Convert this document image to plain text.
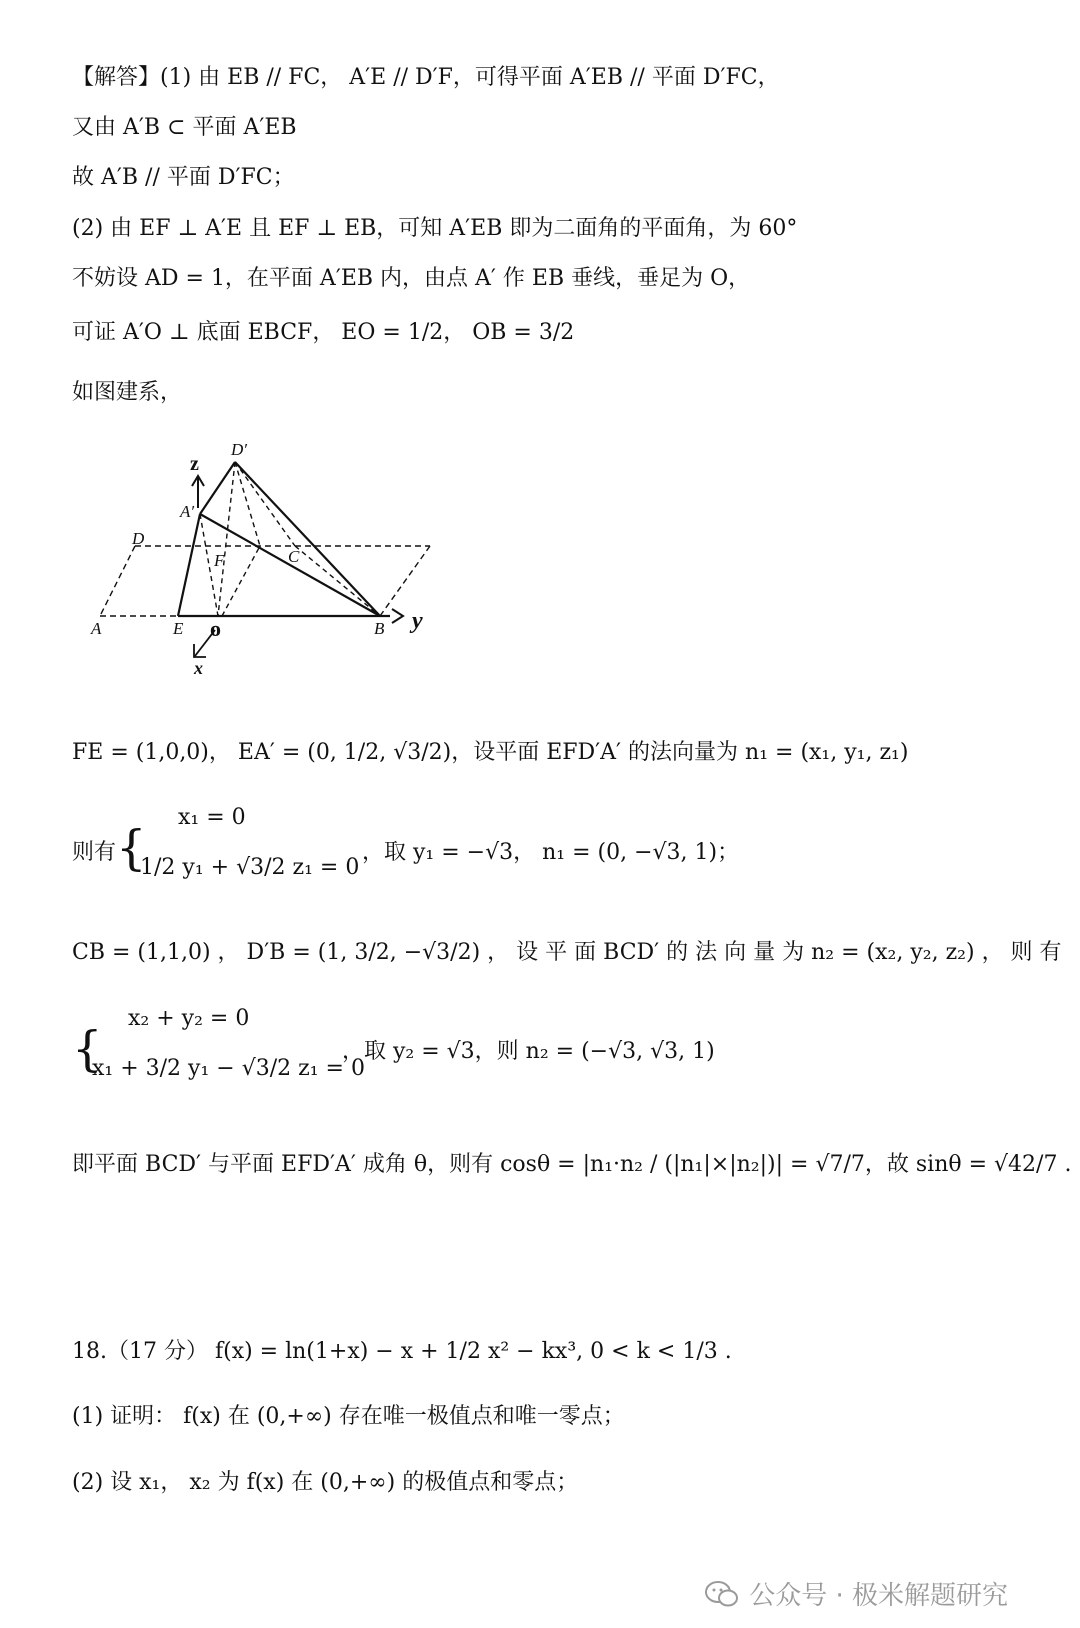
【解答】(1) 由 EB // FC， A′E // D′F，可得平面 A′EB // 平面 D′FC，
又由 A′B ⊂ 平面 A′EB
故 A′B // 平面 D′FC；
(2) 由 EF ⊥ A′E 且 EF ⊥ EB，可知 A′EB 即为二面角的平面角，为 60°
不妨设 AD = 1，在平面 A′EB 内，由点 A′ 作 EB 垂线，垂足为 O，
可证 A′O ⊥ 底面 EBCF， EO = 1/2， OB = 3/2
如图建系，
z
D′
A′
D
F	C
A	E o	B y
x
FE = (1,0,0)， EA′ = (0, 1/2, √3/2)，设平面 EFD′A′ 的法向量为 n₁ = (x₁, y₁, z₁)
则有 {
x₁ = 0
1/2 y₁ + √3/2 z₁ = 0
，取 y₁ = −√3， n₁ = (0, −√3, 1)；
CB = (1,1,0) ， D′B = (1, 3/2, −√3/2) ， 设 平 面 BCD′ 的 法 向 量 为 n₂ = (x₂, y₂, z₂) ， 则 有
{
x₂ + y₂ = 0
x₁ + 3/2 y₁ − √3/2 z₁ = 0
，取 y₂ = √3，则 n₂ = (−√3, √3, 1)
即平面 BCD′ 与平面 EFD′A′ 成角 θ，则有 cosθ = |n₁·n₂ / (|n₁|×|n₂|)| = √7/7，故 sinθ = √42/7 .
18.（17 分） f(x) = ln(1+x) − x + 1/2 x² − kx³, 0 < k < 1/3 .
(1) 证明： f(x) 在 (0,+∞) 存在唯一极值点和唯一零点；
(2) 设 x₁， x₂ 为 f(x) 在 (0,+∞) 的极值点和零点；
公众号 · 极米解题研究
